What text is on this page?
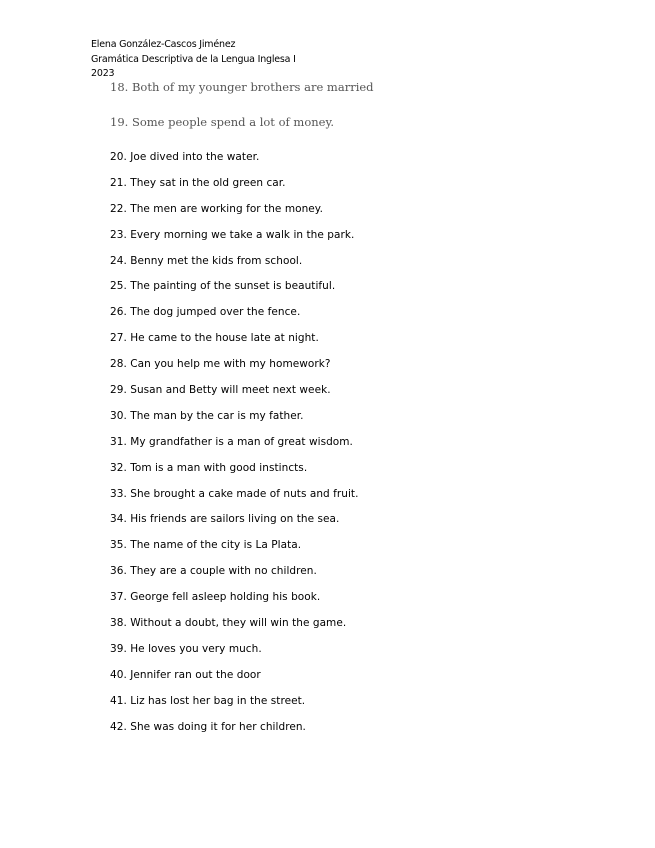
Elena González-Cascos Jiménez
Gramática Descriptiva de la Lengua Inglesa I
2023
18. Both of my younger brothers are married
19. Some people spend a lot of money.
20. Joe dived into the water.
21. They sat in the old green car.
22. The men are working for the money.
23. Every morning we take a walk in the park.
24. Benny met the kids from school.
25. The painting of the sunset is beautiful.
26. The dog jumped over the fence.
27. He came to the house late at night.
28. Can you help me with my homework?
29. Susan and Betty will meet next week.
30. The man by the car is my father.
31. My grandfather is a man of great wisdom.
32. Tom is a man with good instincts.
33. She brought a cake made of nuts and fruit.
34. His friends are sailors living on the sea.
35. The name of the city is La Plata.
36. They are a couple with no children.
37. George fell asleep holding his book.
38. Without a doubt, they will win the game.
39. He loves you very much.
40. Jennifer ran out the door
41. Liz has lost her bag in the street.
42. She was doing it for her children.
